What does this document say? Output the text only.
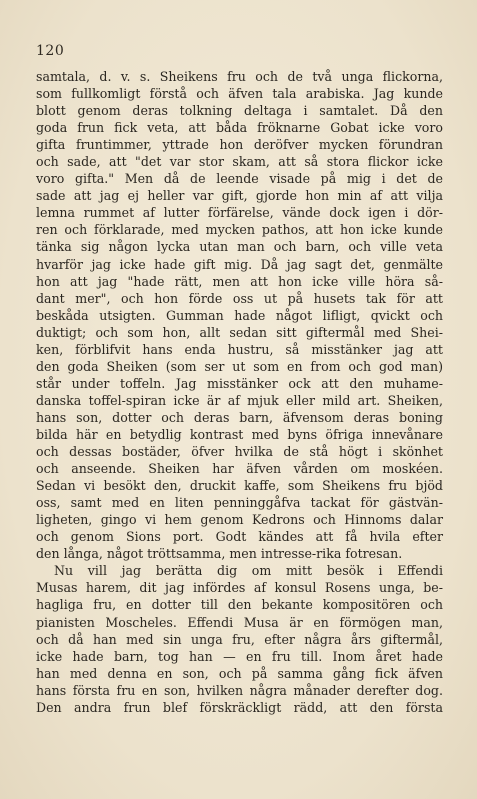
120
samtala, d. v. s. Sheikens fru och de två unga flickorna,
som fullkomligt förstå och äfven tala arabiska. Jag kunde
blott genom deras tolkning deltaga i samtalet. Då den
goda frun fick veta, att båda fröknarne Gobat icke voro
gifta fruntimmer, yttrade hon deröfver mycken förundran
och sade, att "det var stor skam, att så stora flickor icke
voro gifta." Men då de leende visade på mig i det de
sade att jag ej heller var gift, gjorde hon min af att vilja
lemna rummet af lutter förfärelse, vände dock igen i dör-
ren och förklarade, med mycken pathos, att hon icke kunde
tänka sig någon lycka utan man och barn, och ville veta
hvarför jag icke hade gift mig. Då jag sagt det, genmälte
hon att jag "hade rätt, men att hon icke ville höra så-
dant mer", och hon förde oss ut på husets tak för att
beskåda utsigten. Gumman hade något lifligt, qvickt och
duktigt; och som hon, allt sedan sitt giftermål med Shei-
ken, förblifvit hans enda hustru, så misstänker jag att
den goda Sheiken (som ser ut som en from och god man)
står under toffeln. Jag misstänker ock att den muhame-
danska toffel-spiran icke är af mjuk eller mild art. Sheiken,
hans son, dotter och deras barn, äfvensom deras boning
bilda här en betydlig kontrast med byns öfriga innevånare
och dessas bostäder, öfver hvilka de stå högt i skönhet
och anseende. Sheiken har äfven vården om moskéen.
Sedan vi besökt den, druckit kaffe, som Sheikens fru bjöd
oss, samt med en liten penninggåfva tackat för gästvän-
ligheten, gingo vi hem genom Kedrons och Hinnoms dalar
och genom Sions port. Godt kändes att få hvila efter
den långa, något tröttsamma, men intresse-rika fotresan.
Nu vill jag berätta dig om mitt besök i Effendi
Musas harem, dit jag infördes af konsul Rosens unga, be-
hagliga fru, en dotter till den bekante kompositören och
pianisten Moscheles. Effendi Musa är en förmögen man,
och då han med sin unga fru, efter några års giftermål,
icke hade barn, tog han — en fru till. Inom året hade
han med denna en son, och på samma gång fick äfven
hans första fru en son, hvilken några månader derefter dog.
Den andra frun blef förskräckligt rädd, att den första
